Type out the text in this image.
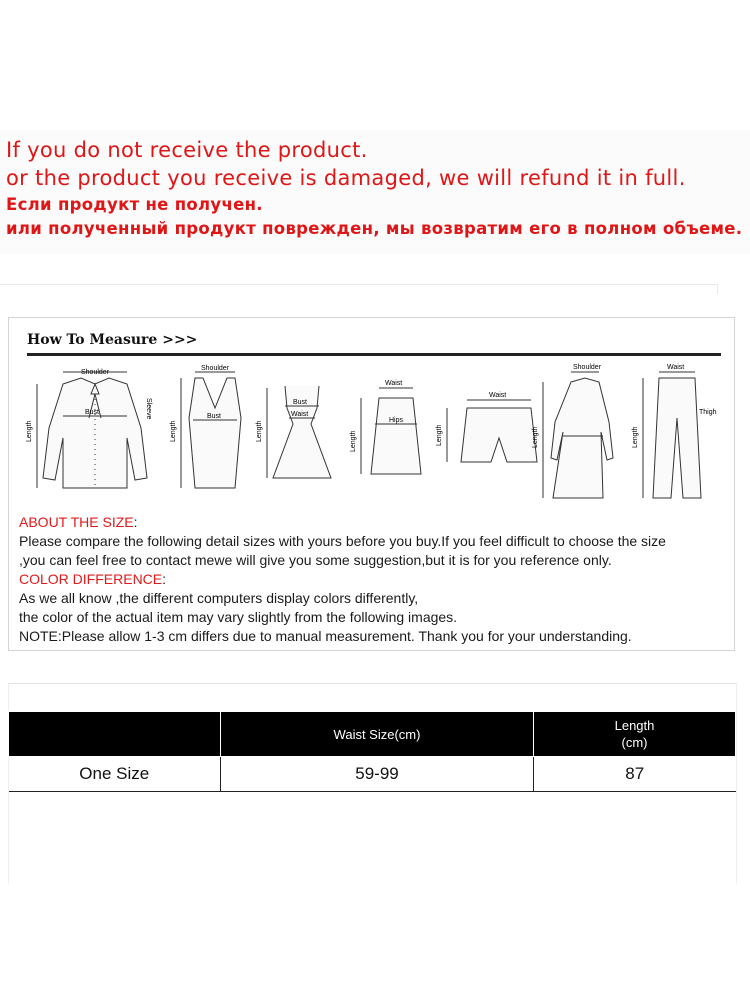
If you do not receive the product.
or the product you receive is damaged, we will refund it in full.
Если продукт не получен.
или полученный продукт поврежден, мы возвратим его в полном объеме.
How To Measure >>>
Shoulder
Bust
Length
Sleeve
Shoulder
Bust
Length
Bust
Waist
Length
Waist
Hips
Length
Waist
Length
Shoulder
Length
Waist
Thigh
Length
ABOUT THE SIZE:
Please compare the following detail sizes with yours before you buy.If you feel difficult to choose the size
,you can feel free to contact mewe will give you some suggestion,but it is for you reference only.
COLOR DIFFERENCE:
As we all know ,the different computers display colors differently,
the color of the actual item may vary slightly from the following images.
NOTE:Please allow 1-3 cm differs due to manual measurement. Thank you for your understanding.
	Waist Size(cm)	Length
(cm)
One Size	59-99	87
